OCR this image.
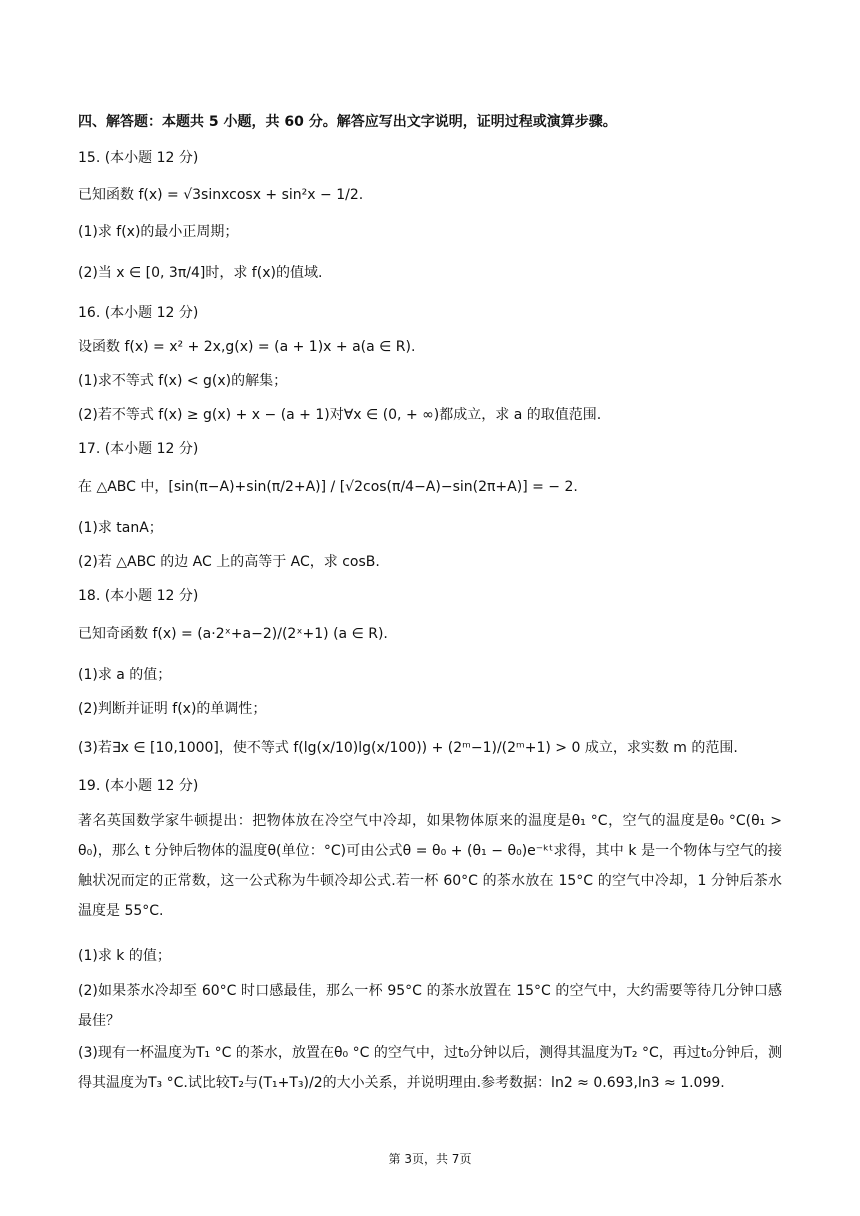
四、解答题：本题共 5 小题，共 60 分。解答应写出文字说明，证明过程或演算步骤。
15. (本小题 12 分)
已知函数 f(x) = √3sinxcosx + sin²x − 1/2.
(1)求 f(x)的最小正周期；
(2)当 x ∈ [0, 3π/4]时，求 f(x)的值域.
16. (本小题 12 分)
设函数 f(x) = x² + 2x,g(x) = (a + 1)x + a(a ∈ R).
(1)求不等式 f(x) < g(x)的解集；
(2)若不等式 f(x) ≥ g(x) + x − (a + 1)对∀x ∈ (0, + ∞)都成立，求 a 的取值范围.
17. (本小题 12 分)
在 △ABC 中，[sin(π−A)+sin(π/2+A)] / [√2cos(π/4−A)−sin(2π+A)] = − 2.
(1)求 tanA；
(2)若 △ABC 的边 AC 上的高等于 AC，求 cosB.
18. (本小题 12 分)
已知奇函数 f(x) = (a·2ˣ+a−2)/(2ˣ+1) (a ∈ R).
(1)求 a 的值；
(2)判断并证明 f(x)的单调性；
(3)若∃x ∈ [10,1000]，使不等式 f(lg(x/10)lg(x/100)) + (2ᵐ−1)/(2ᵐ+1) > 0 成立，求实数 m 的范围.
19. (本小题 12 分)
著名英国数学家牛顿提出：把物体放在冷空气中冷却，如果物体原来的温度是θ₁ °C，空气的温度是θ₀ °C(θ₁ > θ₀)，那么 t 分钟后物体的温度θ(单位：°C)可由公式θ = θ₀ + (θ₁ − θ₀)e⁻ᵏᵗ求得，其中 k 是一个物体与空气的接触状况而定的正常数，这一公式称为牛顿冷却公式.若一杯 60°C 的茶水放在 15°C 的空气中冷却，1 分钟后茶水温度是 55°C.
(1)求 k 的值；
(2)如果茶水冷却至 60°C 时口感最佳，那么一杯 95°C 的茶水放置在 15°C 的空气中，大约需要等待几分钟口感最佳？
(3)现有一杯温度为T₁ °C 的茶水，放置在θ₀ °C 的空气中，过t₀分钟以后，测得其温度为T₂ °C，再过t₀分钟后，测得其温度为T₃ °C.试比较T₂与(T₁+T₃)/2的大小关系，并说明理由.参考数据：ln2 ≈ 0.693,ln3 ≈ 1.099.
第 3页，共 7页
